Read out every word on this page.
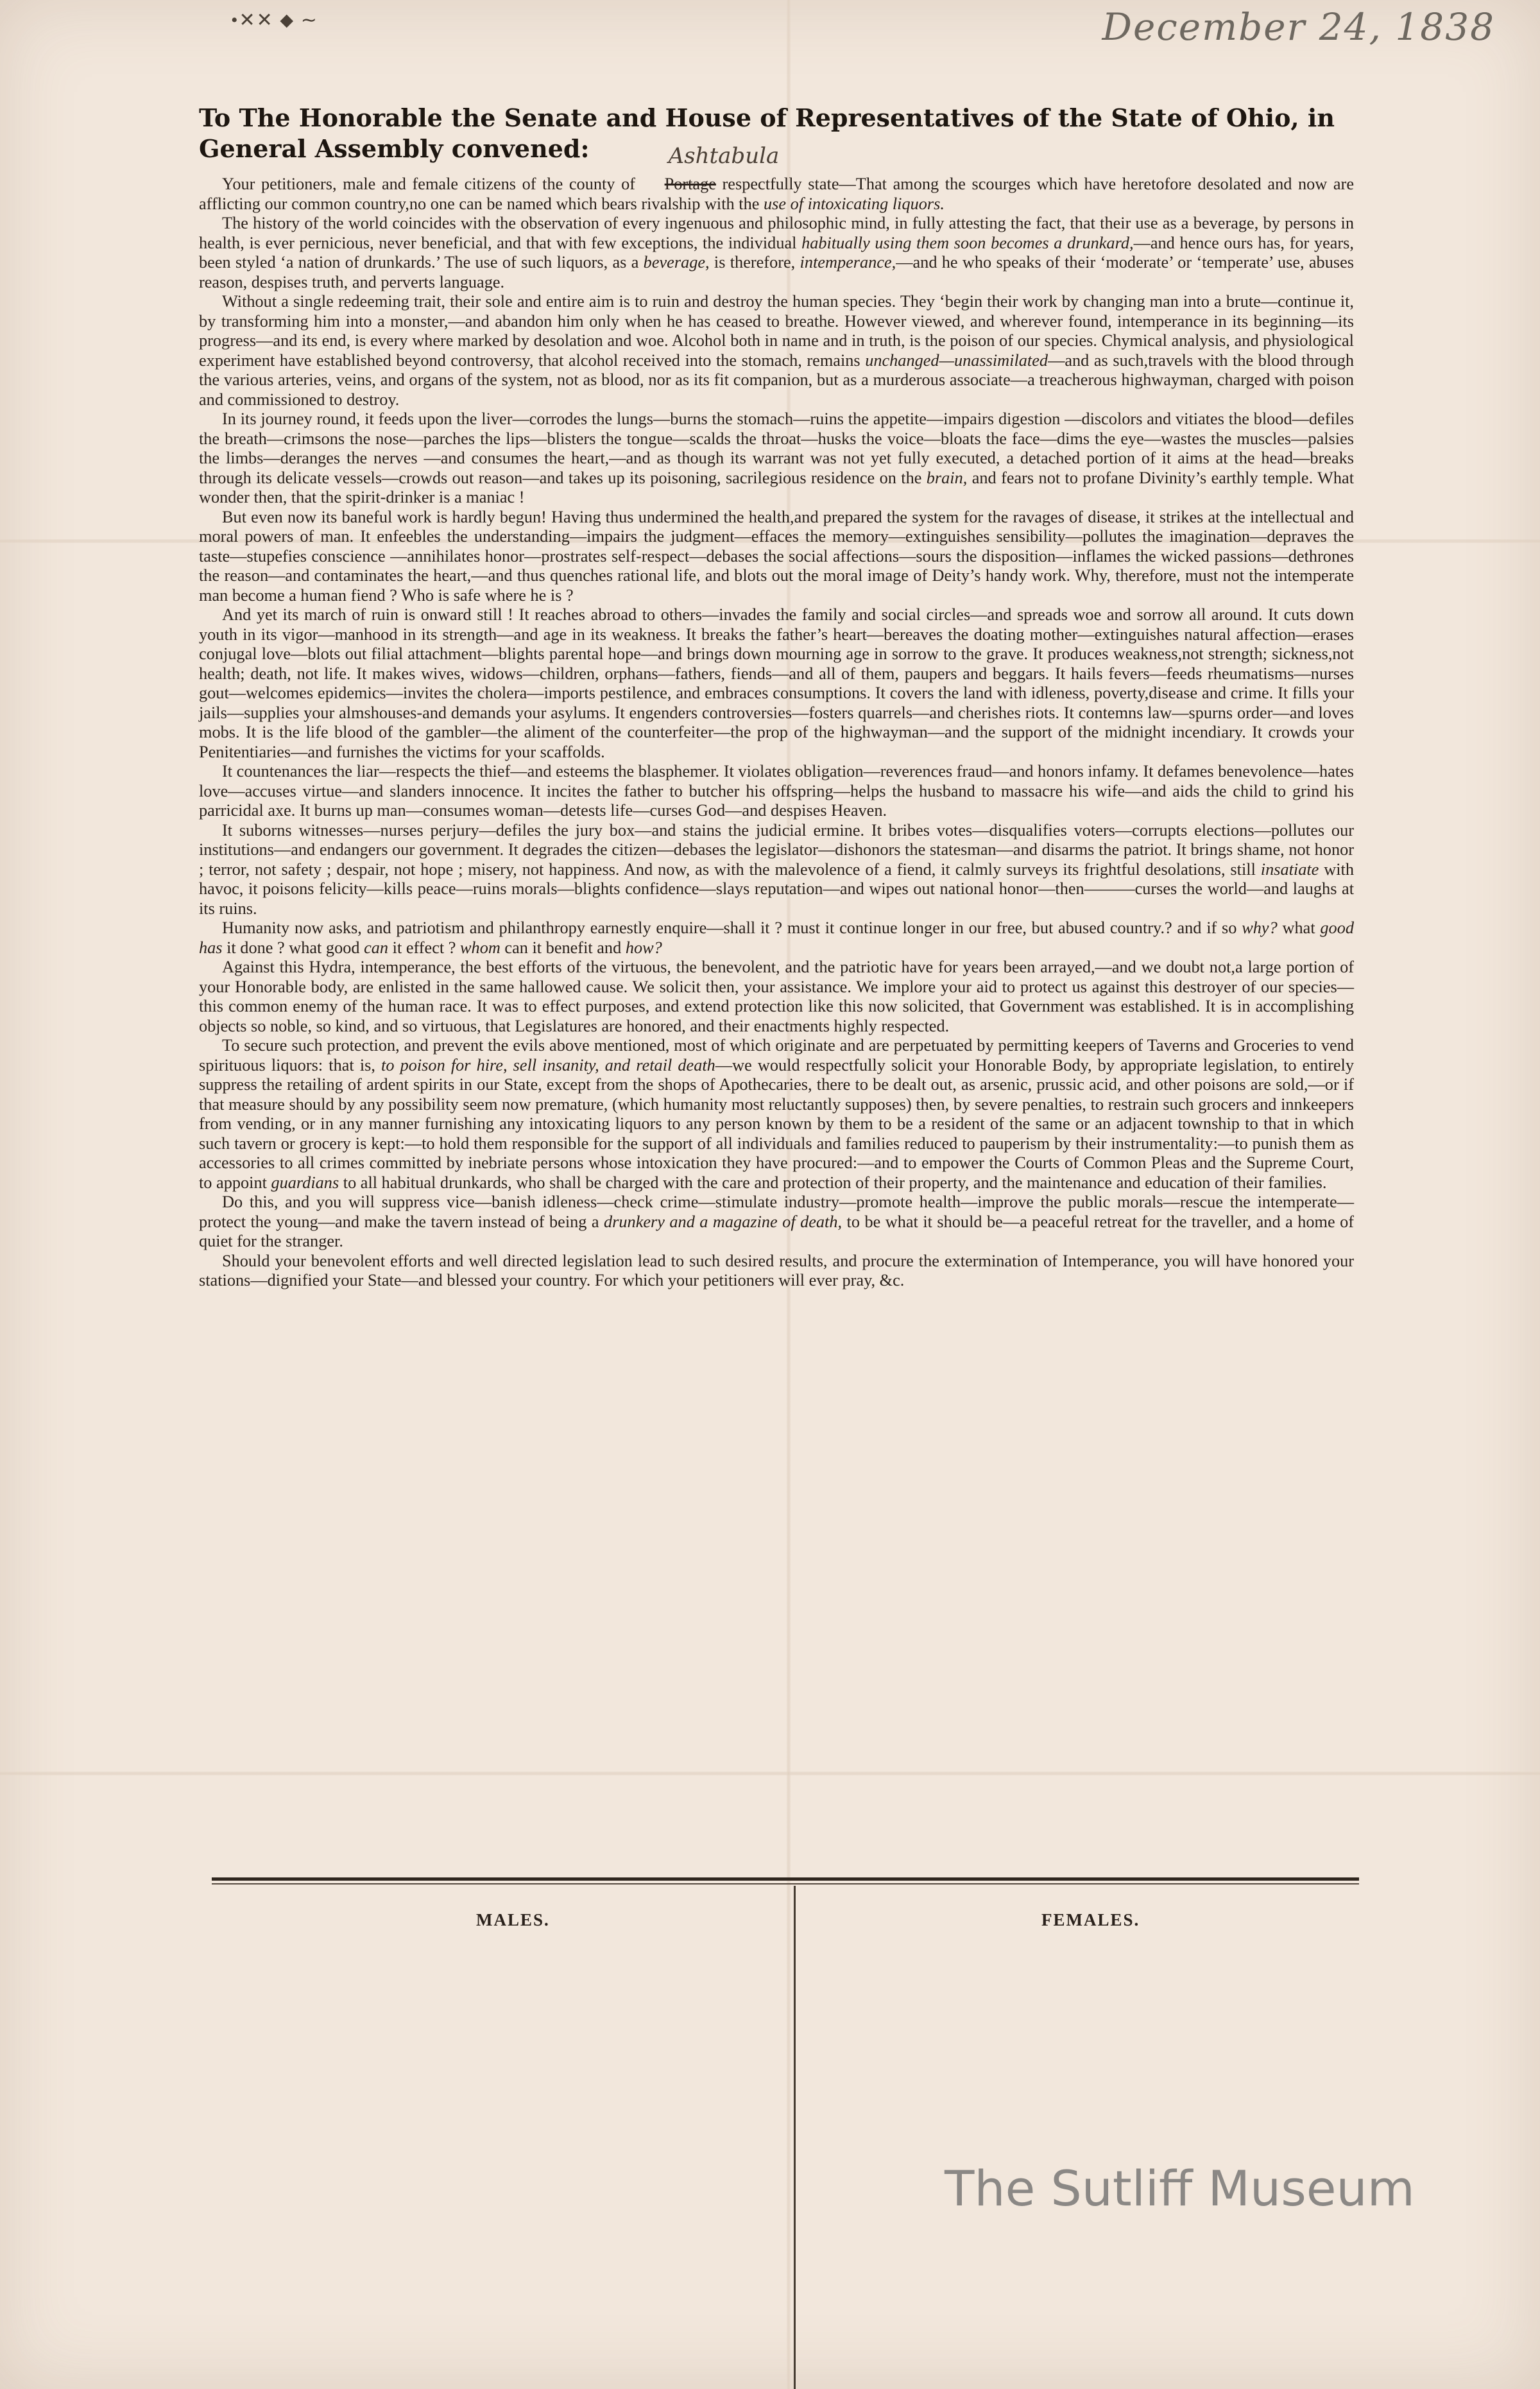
•✕✕ ⬥ ∼	December 24, 1838
To The Honorable the Senate and House of Representatives of the State of Ohio, in General Assembly convened:

Your petitioners, male and female citizens of the county of Portage
Ashtabula
respectfully state—That among the scourges which have heretofore desolated and now are afflicting our common country,no one can be named which bears rivalship with the use of intoxicating liquors.

The history of the world coincides with the observation of every ingenuous and philosophic mind, in fully attesting the fact, that their use as a beverage, by persons in health, is ever pernicious, never beneficial, and that with few exceptions, the individual habitually using them soon becomes a drunkard,—and hence ours has, for years, been styled ‘a nation of drunkards.’ The use of such liquors, as a beverage, is therefore, intemperance,—and he who speaks of their ‘moderate’ or ‘temperate’ use, abuses reason, despises truth, and perverts language.

Without a single redeeming trait, their sole and entire aim is to ruin and destroy the human species. They ‘begin their work by changing man into a brute—continue it, by transforming him into a monster,—and abandon him only when he has ceased to breathe. However viewed, and wherever found, intemperance in its beginning—its progress—and its end, is every where marked by desolation and woe. Alcohol both in name and in truth, is the poison of our species. Chymical analysis, and physiological experiment have established beyond controversy, that alcohol received into the stomach, remains unchanged—unassimilated—and as such,travels with the blood through the various arteries, veins, and organs of the system, not as blood, nor as its fit companion, but as a murderous associate—a treacherous highwayman, charged with poison and commissioned to destroy.

In its journey round, it feeds upon the liver—corrodes the lungs—burns the stomach—ruins the appetite—impairs digestion —discolors and vitiates the blood—defiles the breath—crimsons the nose—parches the lips—blisters the tongue—scalds the throat—husks the voice—bloats the face—dims the eye—wastes the muscles—palsies the limbs—deranges the nerves —and consumes the heart,—and as though its warrant was not yet fully executed, a detached portion of it aims at the head—breaks through its delicate vessels—crowds out reason—and takes up its poisoning, sacrilegious residence on the brain, and fears not to profane Divinity’s earthly temple. What wonder then, that the spirit-drinker is a maniac !

But even now its baneful work is hardly begun! Having thus undermined the health,and prepared the system for the ravages of disease, it strikes at the intellectual and moral powers of man. It enfeebles the understanding—impairs the judgment—effaces the memory—extinguishes sensibility—pollutes the imagination—depraves the taste—stupefies conscience —annihilates honor—prostrates self-respect—debases the social affections—sours the disposition—inflames the wicked passions—dethrones the reason—and contaminates the heart,—and thus quenches rational life, and blots out the moral image of Deity’s handy work. Why, therefore, must not the intemperate man become a human fiend ? Who is safe where he is ?

And yet its march of ruin is onward still ! It reaches abroad to others—invades the family and social circles—and spreads woe and sorrow all around. It cuts down youth in its vigor—manhood in its strength—and age in its weakness. It breaks the father’s heart—bereaves the doating mother—extinguishes natural affection—erases conjugal love—blots out filial attachment—blights parental hope—and brings down mourning age in sorrow to the grave. It produces weakness,not strength; sickness,not health; death, not life. It makes wives, widows—children, orphans—fathers, fiends—and all of them, paupers and beggars. It hails fevers—feeds rheumatisms—nurses gout—welcomes epidemics—invites the cholera—imports pestilence, and embraces consumptions. It covers the land with idleness, poverty,disease and crime. It fills your jails—supplies your almshouses-and demands your asylums. It engenders controversies—fosters quarrels—and cherishes riots. It contemns law—spurns order—and loves mobs. It is the life blood of the gambler—the aliment of the counterfeiter—the prop of the highwayman—and the support of the midnight incendiary. It crowds your Penitentiaries—and furnishes the victims for your scaffolds.

It countenances the liar—respects the thief—and esteems the blasphemer. It violates obligation—reverences fraud—and honors infamy. It defames benevolence—hates love—accuses virtue—and slanders innocence. It incites the father to butcher his offspring—helps the husband to massacre his wife—and aids the child to grind his parricidal axe. It burns up man—consumes woman—detests life—curses God—and despises Heaven.

It suborns witnesses—nurses perjury—defiles the jury box—and stains the judicial ermine. It bribes votes—disqualifies voters—corrupts elections—pollutes our institutions—and endangers our government. It degrades the citizen—debases the legislator—dishonors the statesman—and disarms the patriot. It brings shame, not honor ; terror, not safety ; despair, not hope ; misery, not happiness. And now, as with the malevolence of a fiend, it calmly surveys its frightful desolations, still insatiate with havoc, it poisons felicity—kills peace—ruins morals—blights confidence—slays reputation—and wipes out national honor—then———curses the world—and laughs at its ruins.

Humanity now asks, and patriotism and philanthropy earnestly enquire—shall it ? must it continue longer in our free, but abused country.? and if so why? what good has it done ? what good can it effect ? whom can it benefit and how?

Against this Hydra, intemperance, the best efforts of the virtuous, the benevolent, and the patriotic have for years been arrayed,—and we doubt not,a large portion of your Honorable body, are enlisted in the same hallowed cause. We solicit then, your assistance. We implore your aid to protect us against this destroyer of our species—this common enemy of the human race. It was to effect purposes, and extend protection like this now solicited, that Government was established. It is in accomplishing objects so noble, so kind, and so virtuous, that Legislatures are honored, and their enactments highly respected.

To secure such protection, and prevent the evils above mentioned, most of which originate and are perpetuated by permitting keepers of Taverns and Groceries to vend spirituous liquors: that is, to poison for hire, sell insanity, and retail death—we would respectfully solicit your Honorable Body, by appropriate legislation, to entirely suppress the retailing of ardent spirits in our State, except from the shops of Apothecaries, there to be dealt out, as arsenic, prussic acid, and other poisons are sold,—or if that measure should by any possibility seem now premature, (which humanity most reluctantly supposes) then, by severe penalties, to restrain such grocers and innkeepers from vending, or in any manner furnishing any intoxicating liquors to any person known by them to be a resident of the same or an adjacent township to that in which such tavern or grocery is kept:—to hold them responsible for the support of all individuals and families reduced to pauperism by their instrumentality:—to punish them as accessories to all crimes committed by inebriate persons whose intoxication they have procured:—and to empower the Courts of Common Pleas and the Supreme Court, to appoint guardians to all habitual drunkards, who shall be charged with the care and protection of their property, and the maintenance and education of their families.

Do this, and you will suppress vice—banish idleness—check crime—stimulate industry—promote health—improve the public morals—rescue the intemperate—protect the young—and make the tavern instead of being a drunkery and a magazine of death, to be what it should be—a peaceful retreat for the traveller, and a home of quiet for the stranger.

Should your benevolent efforts and well directed legislation lead to such desired results, and procure the extermination of Intemperance, you will have honored your stations—dignified your State—and blessed your country. For which your petitioners will ever pray, &c.

MALES.	FEMALES.
The Sutliff Museum
